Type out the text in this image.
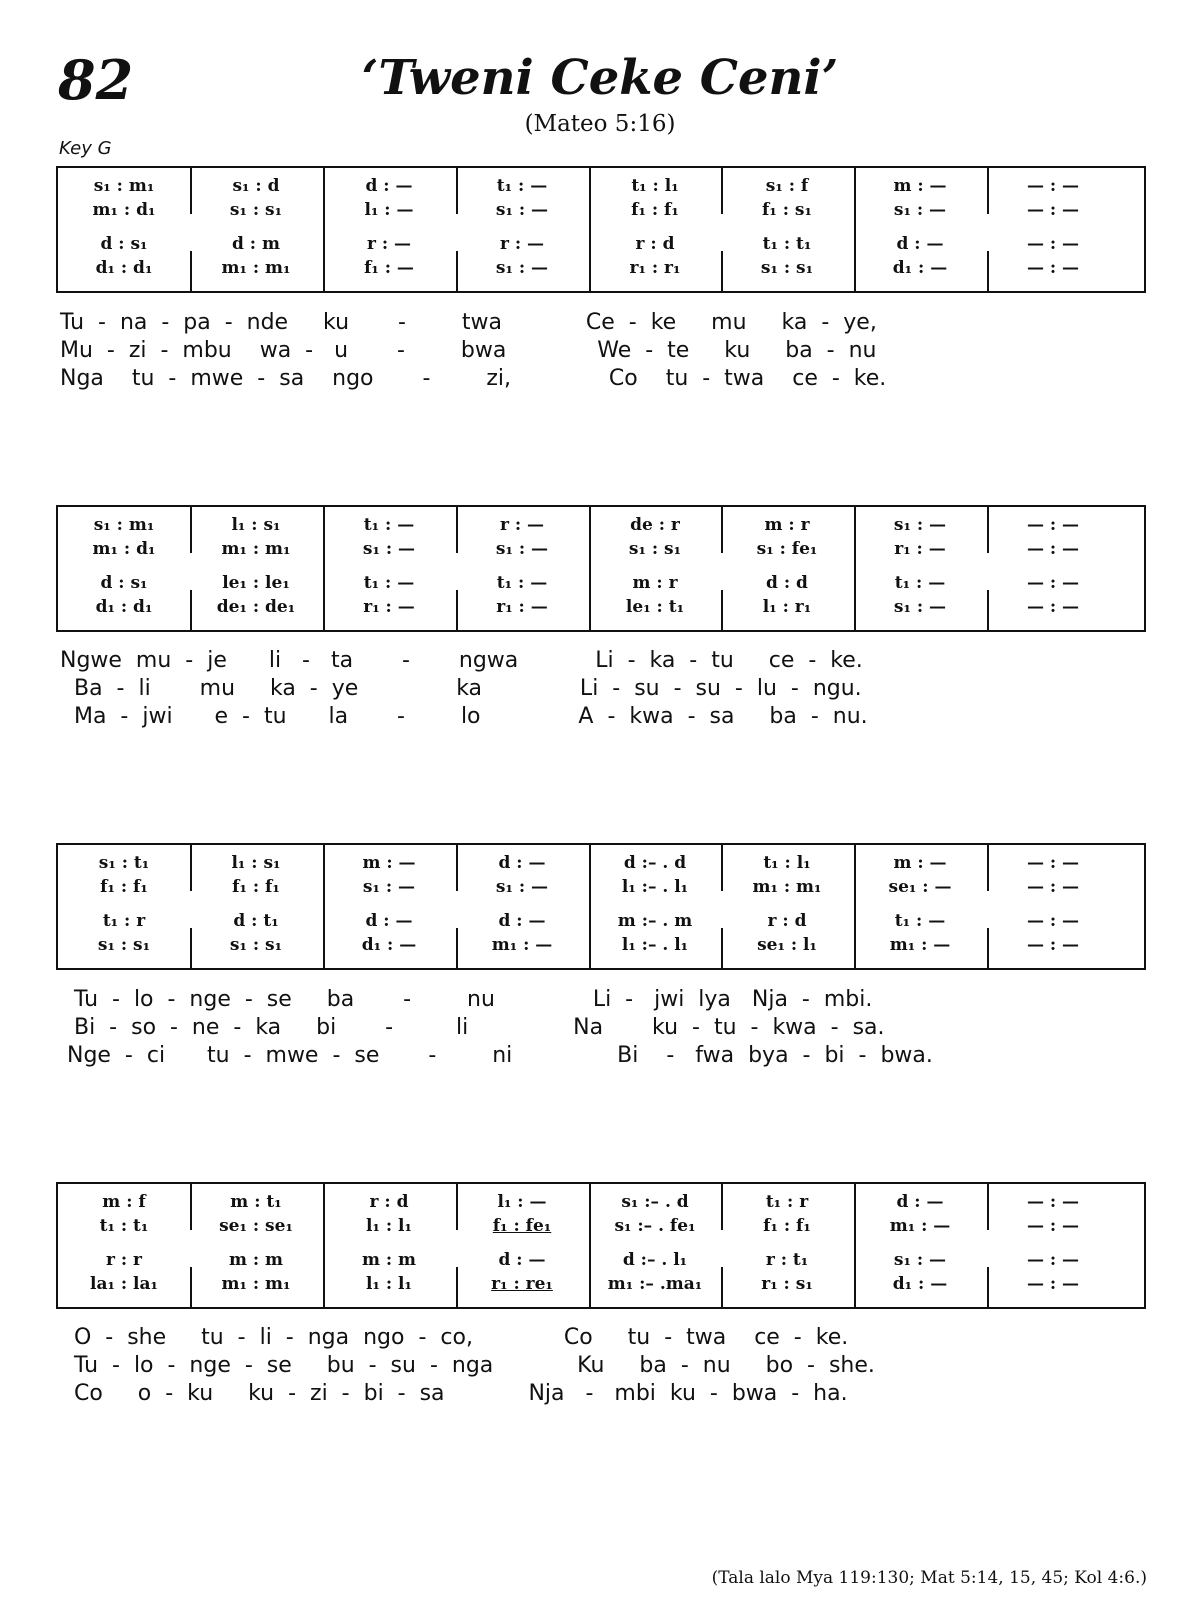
82	‘Tweni Ceke Ceni’
(Mateo 5:16)
Key G
s₁ : m₁	s₁ : d	d : —	t₁ : —	t₁ : l₁	s₁ : f	m : —	— : —
m₁ : d₁	s₁ : s₁	l₁ : —	s₁ : —	f₁ : f₁	f₁ : s₁	s₁ : —	— : —
d : s₁	d : m	r : —	r : —	r : d	t₁ : t₁	d : —	— : —
d₁ : d₁	m₁ : m₁	f₁ : —	s₁ : —	r₁ : r₁	s₁ : s₁	d₁ : —	— : —
Tu  -  na  -  pa  -  nde     ku       -        twa            Ce  -  ke     mu     ka  -  ye,
Mu  -  zi  -  mbu    wa  -   u       -        bwa             We  -  te     ku     ba  -  nu
Nga    tu  -  mwe  -  sa    ngo       -        zi,              Co    tu  -  twa    ce  -  ke.
s₁ : m₁	l₁ : s₁	t₁ : —	r : —	de : r	m : r	s₁ : —	— : —
m₁ : d₁	m₁ : m₁	s₁ : —	s₁ : —	s₁ : s₁	s₁ : fe₁	r₁ : —	— : —
d : s₁	le₁ : le₁	t₁ : —	t₁ : —	m : r	d : d	t₁ : —	— : —
d₁ : d₁	de₁ : de₁	r₁ : —	r₁ : —	le₁ : t₁	l₁ : r₁	s₁ : —	— : —
Ngwe  mu  -  je      li   -   ta       -       ngwa           Li  -  ka  -  tu     ce  -  ke.
Ba  -  li       mu     ka  -  ye              ka              Li  -  su  -  su  -  lu  -  ngu.
Ma  -  jwi      e  -  tu      la       -        lo              A  -  kwa  -  sa     ba  -  nu.
s₁ : t₁	l₁ : s₁	m : —	d : —	d :– . d	t₁ : l₁	m : —	— : —
f₁ : f₁	f₁ : f₁	s₁ : —	s₁ : —	l₁ :– . l₁	m₁ : m₁	se₁ : —	— : —
t₁ : r	d : t₁	d : —	d : —	m :– . m	r : d	t₁ : —	— : —
s₁ : s₁	s₁ : s₁	d₁ : —	m₁ : —	l₁ :– . l₁	se₁ : l₁	m₁ : —	— : —
Tu  -  lo  -  nge  -  se     ba       -        nu              Li  -   jwi  lya   Nja  -  mbi.
Bi  -  so  -  ne  -  ka     bi       -         li               Na       ku  -  tu  -  kwa  -  sa.
Nge  -  ci      tu  -  mwe  -  se       -        ni               Bi    -   fwa  bya  -  bi  -  bwa.
m : f	m : t₁	r : d	l₁ : —	s₁ :– . d	t₁ : r	d : —	— : —
t₁ : t₁	se₁ : se₁	l₁ : l₁	f₁ : fe₁	s₁ :– . fe₁	f₁ : f₁	m₁ : —	— : —
r : r	m : m	m : m	d : —	d :– . l₁	r : t₁	s₁ : —	— : —
la₁ : la₁	m₁ : m₁	l₁ : l₁	r₁ : re₁	m₁ :– .ma₁	r₁ : s₁	d₁ : —	— : —
O  -  she     tu  -  li  -  nga  ngo  -  co,             Co     tu  -  twa    ce  -  ke.
Tu  -  lo  -  nge  -  se     bu  -  su  -  nga            Ku     ba  -  nu     bo  -  she.
Co     o  -  ku     ku  -  zi  -  bi  -  sa            Nja   -   mbi  ku  -  bwa  -  ha.
(Tala lalo Mya 119:130; Mat 5:14, 15, 45; Kol 4:6.)
